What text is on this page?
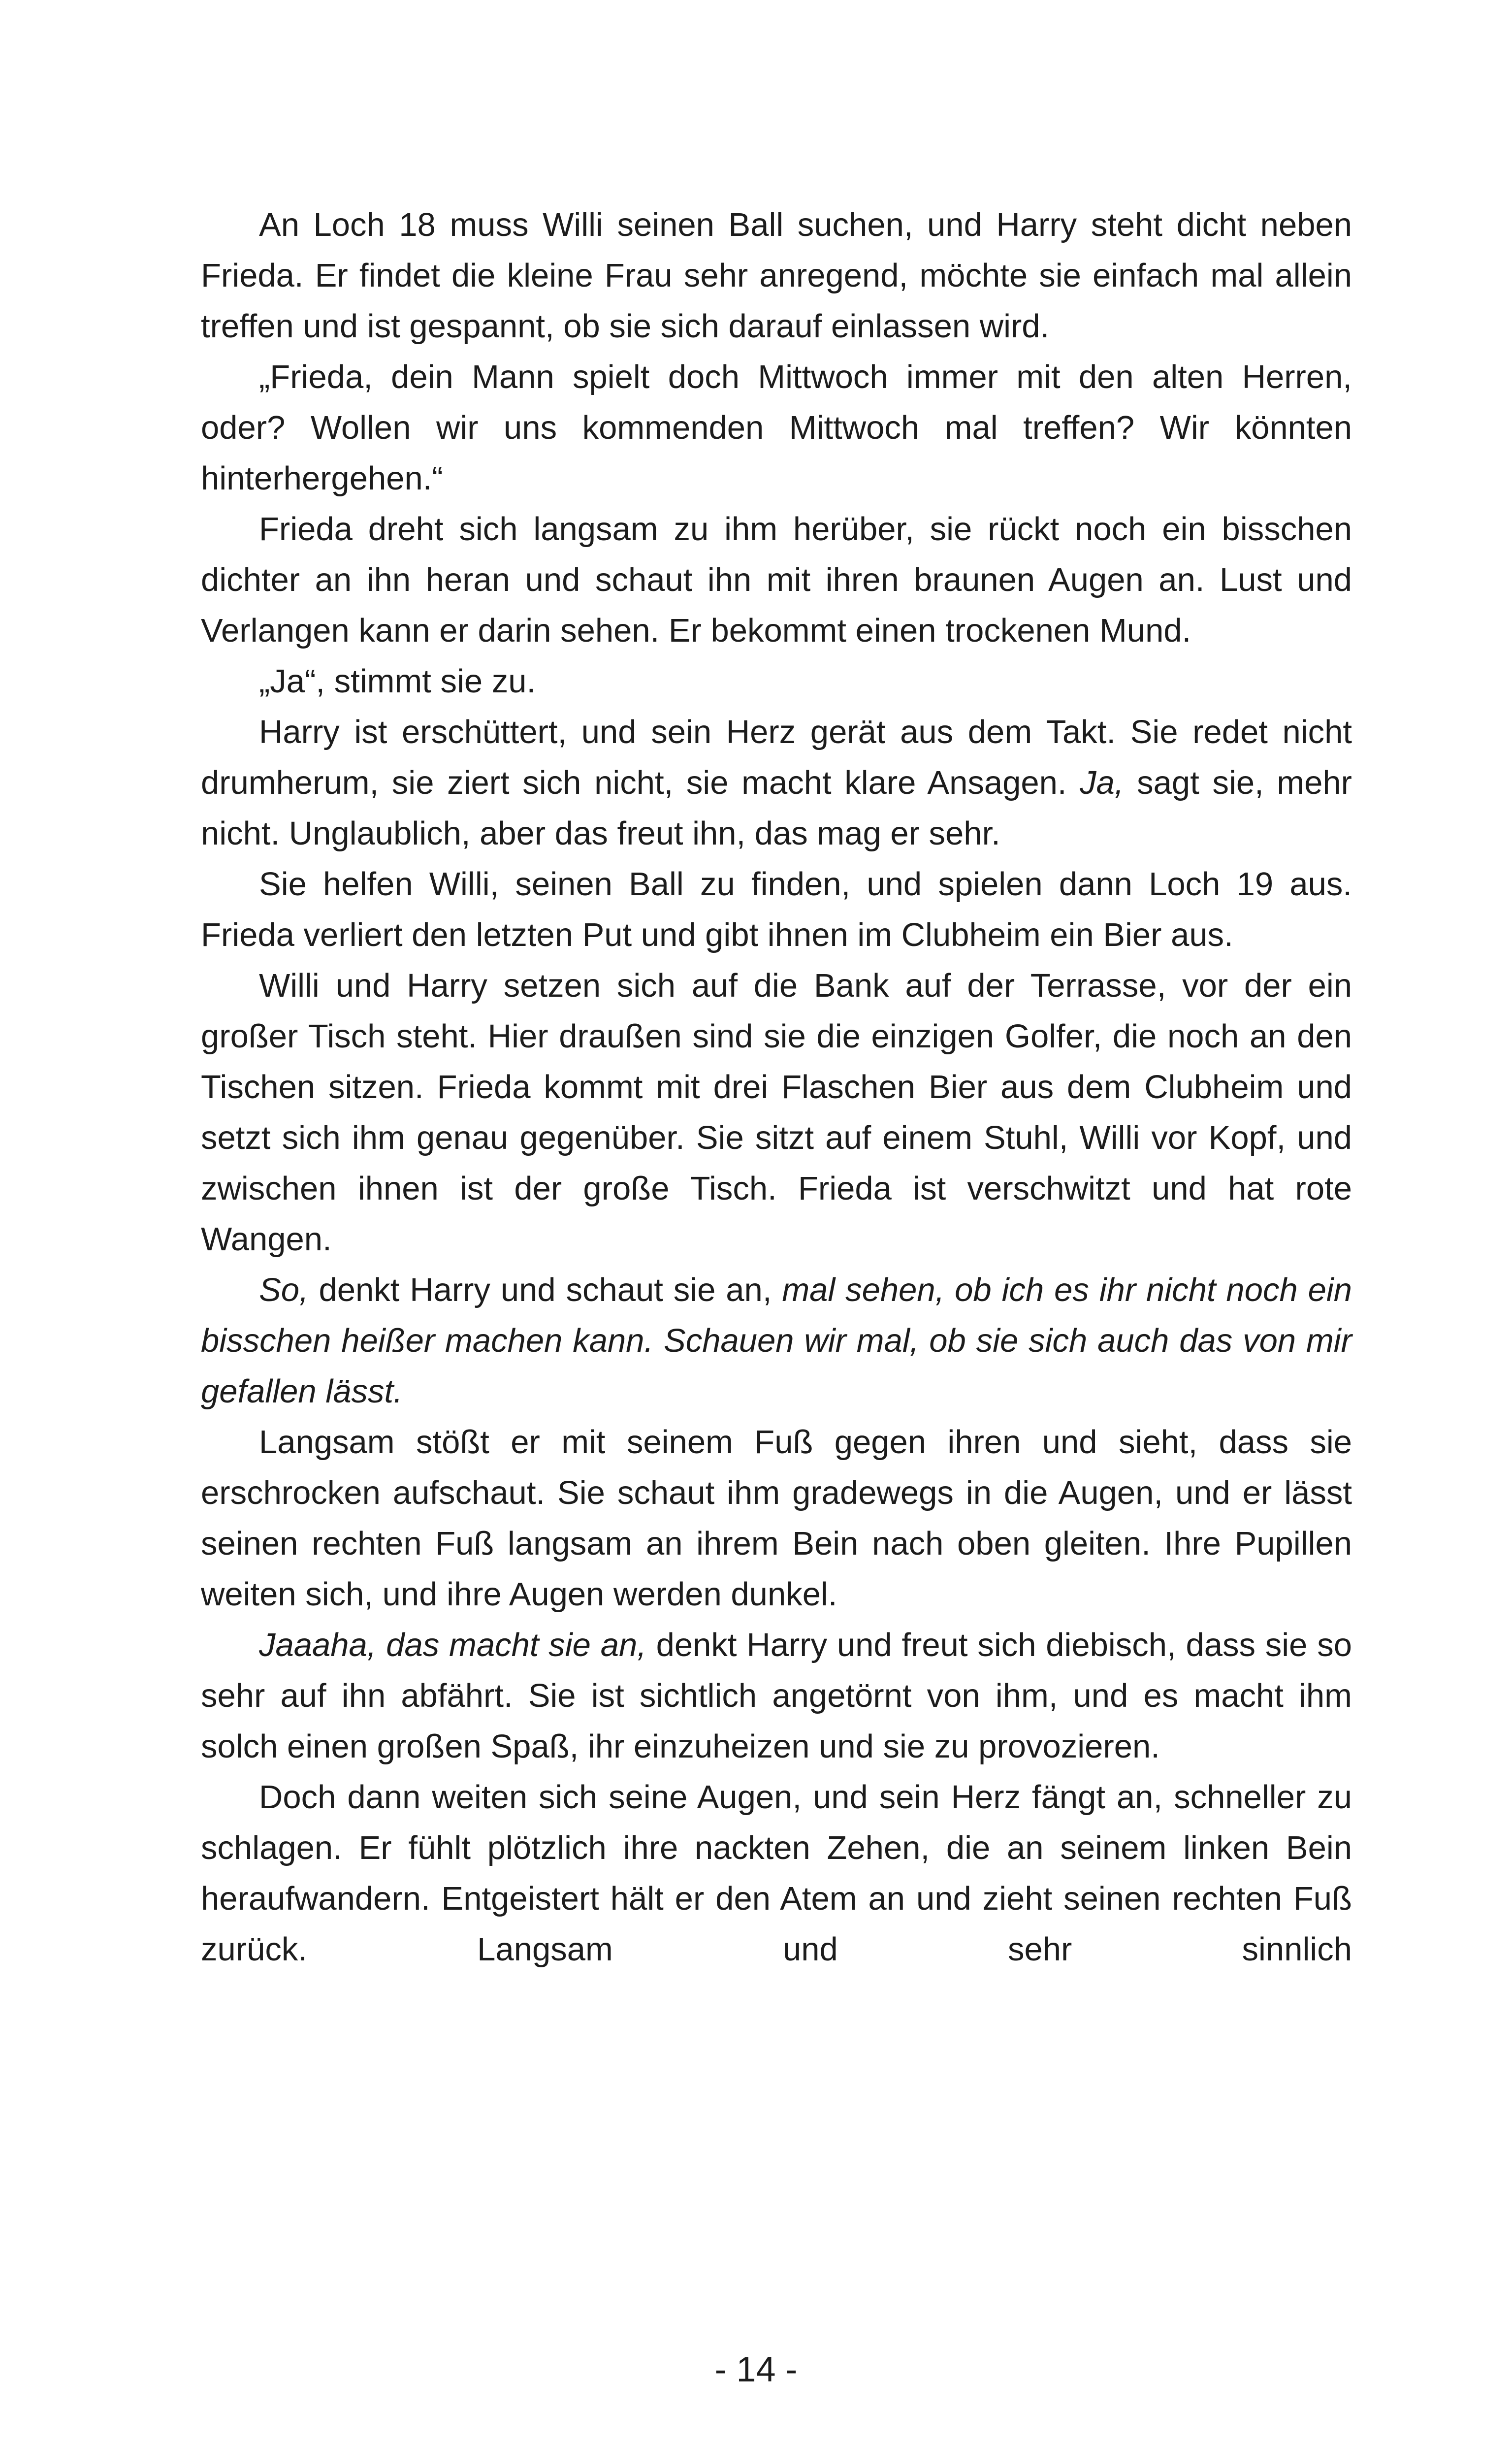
An Loch 18 muss Willi seinen Ball suchen, und Harry steht dicht neben Frieda. Er findet die kleine Frau sehr anregend, möchte sie einfach mal allein treffen und ist gespannt, ob sie sich darauf einlassen wird.

„Frieda, dein Mann spielt doch Mittwoch immer mit den alten Herren, oder? Wollen wir uns kommenden Mittwoch mal treffen? Wir könnten hinterhergehen.“

Frieda dreht sich langsam zu ihm herüber, sie rückt noch ein bisschen dichter an ihn heran und schaut ihn mit ihren braunen Augen an. Lust und Verlangen kann er darin sehen. Er bekommt einen trockenen Mund.

„Ja“, stimmt sie zu.

Harry ist erschüttert, und sein Herz gerät aus dem Takt. Sie redet nicht drumherum, sie ziert sich nicht, sie macht klare Ansagen. Ja, sagt sie, mehr nicht. Unglaublich, aber das freut ihn, das mag er sehr.

Sie helfen Willi, seinen Ball zu finden, und spielen dann Loch 19 aus. Frieda verliert den letzten Put und gibt ihnen im Clubheim ein Bier aus.

Willi und Harry setzen sich auf die Bank auf der Terrasse, vor der ein großer Tisch steht. Hier draußen sind sie die einzigen Golfer, die noch an den Tischen sitzen. Frieda kommt mit drei Flaschen Bier aus dem Clubheim und setzt sich ihm genau gegenüber. Sie sitzt auf einem Stuhl, Willi vor Kopf, und zwischen ihnen ist der große Tisch. Frieda ist verschwitzt und hat rote Wangen.

So, denkt Harry und schaut sie an, mal sehen, ob ich es ihr nicht noch ein bisschen heißer machen kann. Schauen wir mal, ob sie sich auch das von mir gefallen lässt.

Langsam stößt er mit seinem Fuß gegen ihren und sieht, dass sie erschrocken aufschaut. Sie schaut ihm gradewegs in die Augen, und er lässt seinen rechten Fuß langsam an ihrem Bein nach oben gleiten. Ihre Pupillen weiten sich, und ihre Augen werden dunkel.

Jaaaha, das macht sie an, denkt Harry und freut sich diebisch, dass sie so sehr auf ihn abfährt. Sie ist sichtlich angetörnt von ihm, und es macht ihm solch einen großen Spaß, ihr einzuheizen und sie zu provozieren.

Doch dann weiten sich seine Augen, und sein Herz fängt an, schneller zu schlagen. Er fühlt plötzlich ihre nackten Zehen, die an seinem linken Bein heraufwandern. Entgeistert hält er den Atem an und zieht seinen rechten Fuß zurück. Langsam und sehr sinnlich

- 14 -
